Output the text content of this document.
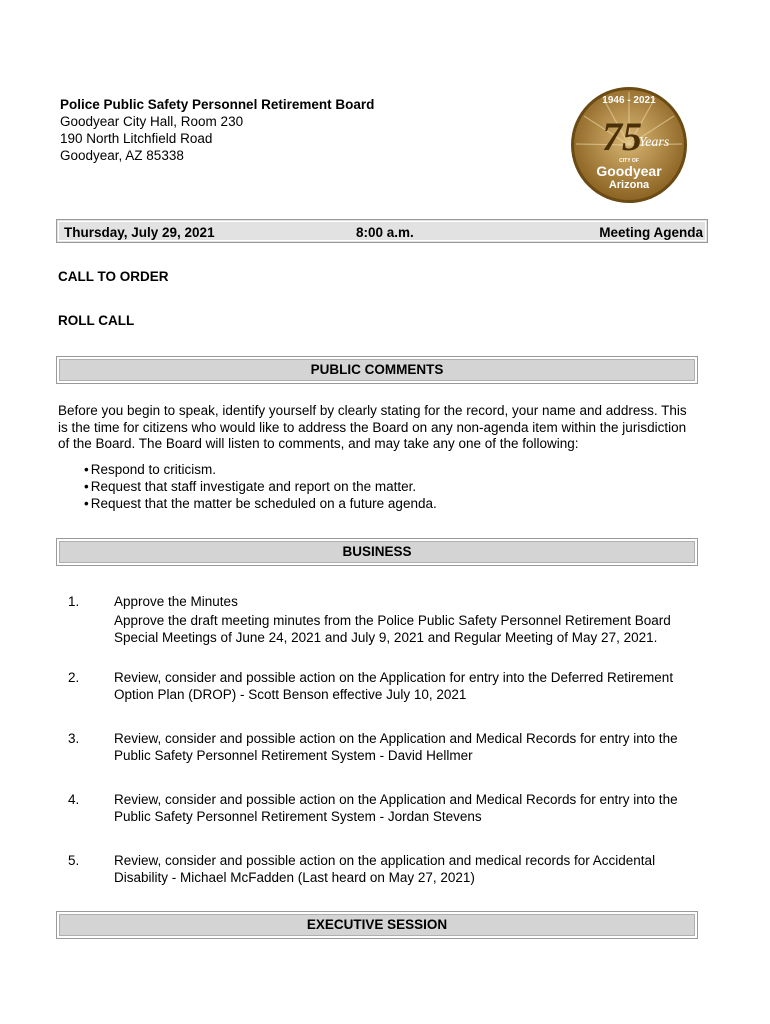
Police Public Safety Personnel Retirement Board
Goodyear City Hall, Room 230
190 North Litchfield Road
Goodyear, AZ 85338
1946 - 2021
75
Years
CITY OF
Goodyear
Arizona
Thursday, July 29, 2021	8:00 a.m.	Meeting Agenda
CALL TO ORDER
ROLL CALL
PUBLIC COMMENTS
Before you begin to speak, identify yourself by clearly stating for the record, your name and address. This is the time for citizens who would like to address the Board on any non-agenda item within the jurisdiction of the Board. The Board will listen to comments, and may take any one of the following:
• Respond to criticism.
• Request that staff investigate and report on the matter.
• Request that the matter be scheduled on a future agenda.
BUSINESS
1.	Approve the Minutes
Approve the draft meeting minutes from the Police Public Safety Personnel Retirement Board Special Meetings of June 24, 2021 and July 9, 2021 and Regular Meeting of May 27, 2021.
2.	Review, consider and possible action on the Application for entry into the Deferred Retirement Option Plan (DROP) - Scott Benson effective July 10, 2021
3.	Review, consider and possible action on the Application and Medical Records for entry into the Public Safety Personnel Retirement System - David Hellmer
4.	Review, consider and possible action on the Application and Medical Records for entry into the Public Safety Personnel Retirement System - Jordan Stevens
5.	Review, consider and possible action on the application and medical records for Accidental Disability - Michael McFadden (Last heard on May 27, 2021)
EXECUTIVE SESSION
